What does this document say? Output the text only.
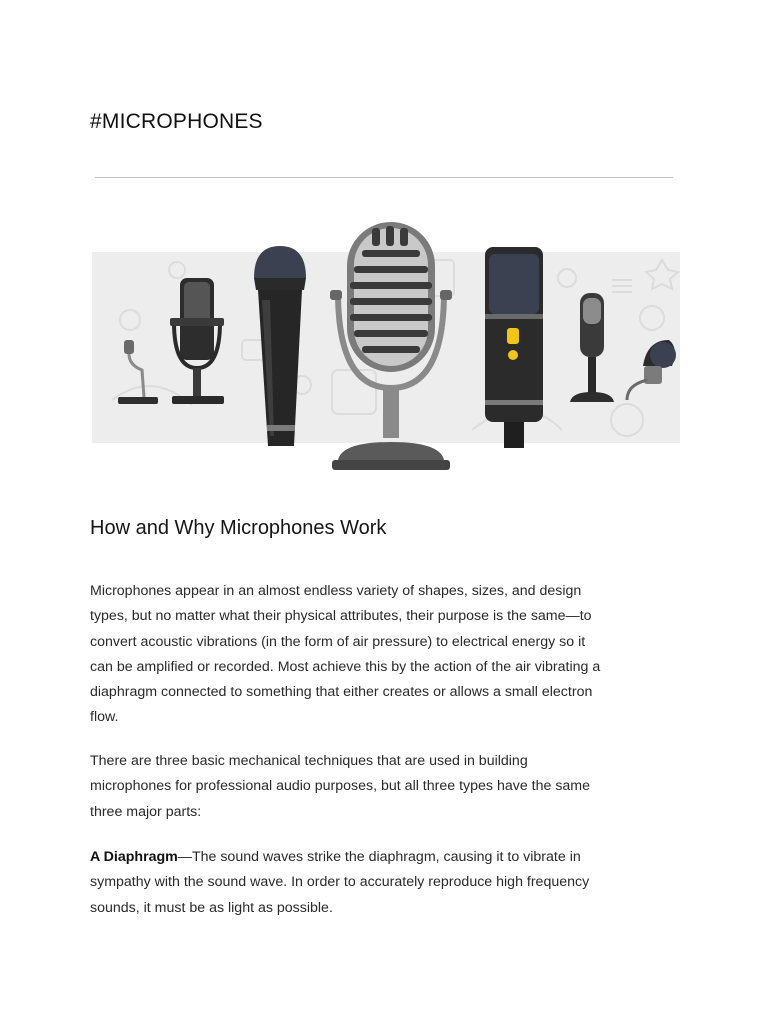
#MICROPHONES
How and Why Microphones Work

Microphones appear in an almost endless variety of shapes, sizes, and design types, but no matter what their physical attributes, their purpose is the same—to convert acoustic vibrations (in the form of air pressure) to electrical energy so it can be amplified or recorded. Most achieve this by the action of the air vibrating a diaphragm connected to something that either creates or allows a small electron flow.

There are three basic mechanical techniques that are used in building microphones for professional audio purposes, but all three types have the same three major parts:

A Diaphragm—The sound waves strike the diaphragm, causing it to vibrate in sympathy with the sound wave. In order to accurately reproduce high frequency sounds, it must be as light as possible.
